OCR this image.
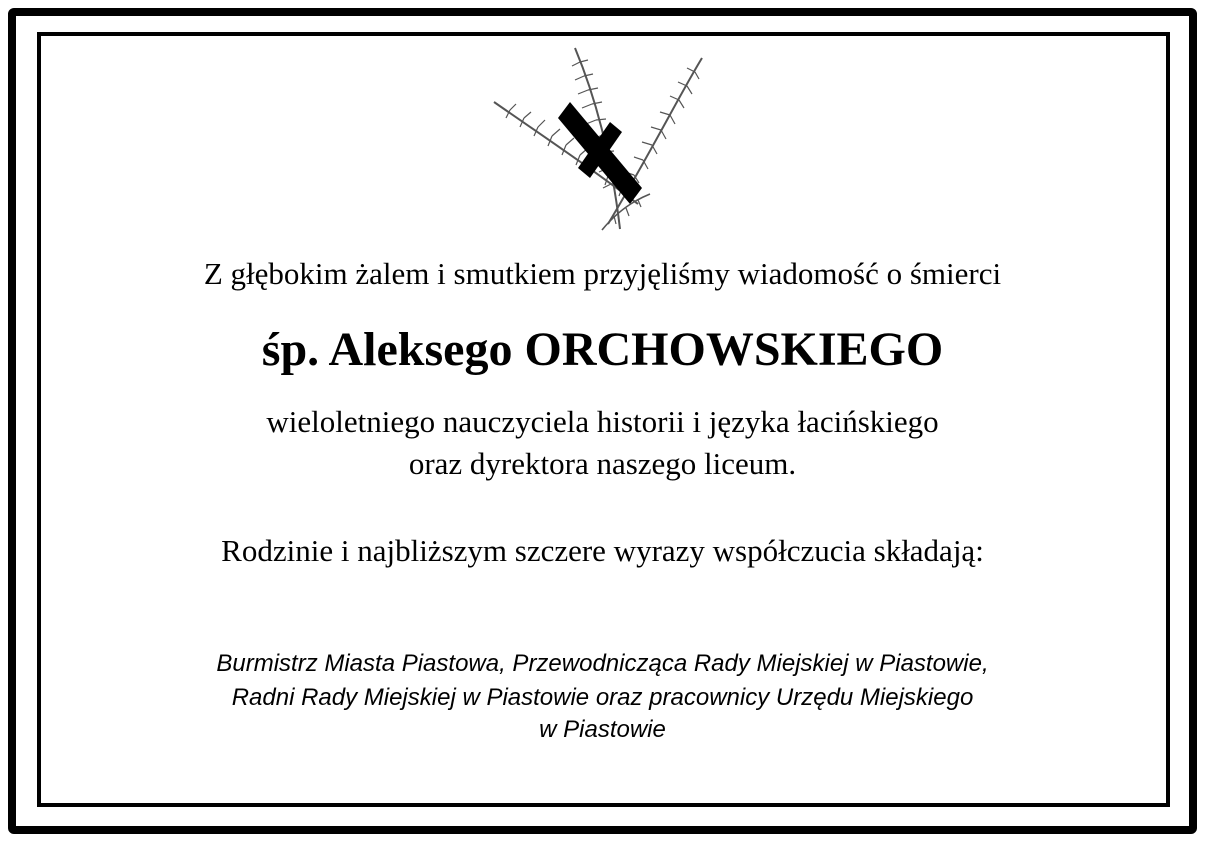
Z głębokim żalem i smutkiem przyjęliśmy wiadomość o śmierci
śp. Aleksego ORCHOWSKIEGO
wieloletniego nauczyciela historii i języka łacińskiego
oraz dyrektora naszego liceum.
Rodzinie i najbliższym szczere wyrazy współczucia składają:
Burmistrz Miasta Piastowa, Przewodnicząca Rady Miejskiej w Piastowie,
Radni Rady Miejskiej w Piastowie oraz pracownicy Urzędu Miejskiego
w Piastowie
